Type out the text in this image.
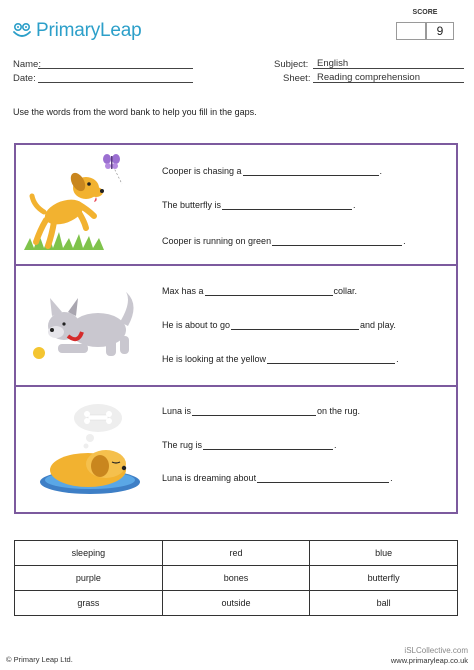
PrimaryLeap
SCORE
9
Name:
Date:
Subject: English
Sheet: Reading comprehension
Use the words from the word bank to help you fill in the gaps.
Cooper is chasing a	.
The butterfly is	.
Cooper is running on green	.
Max has a	collar.
He is about to go	and play.
He is looking at the yellow	.
Luna is	on the rug.
The rug is	.
Luna is dreaming about	.
sleeping	red	blue
purple	bones	butterfly
grass	outside	ball
© Primary Leap Ltd.
iSLCollective.com
www.primaryleap.co.uk
